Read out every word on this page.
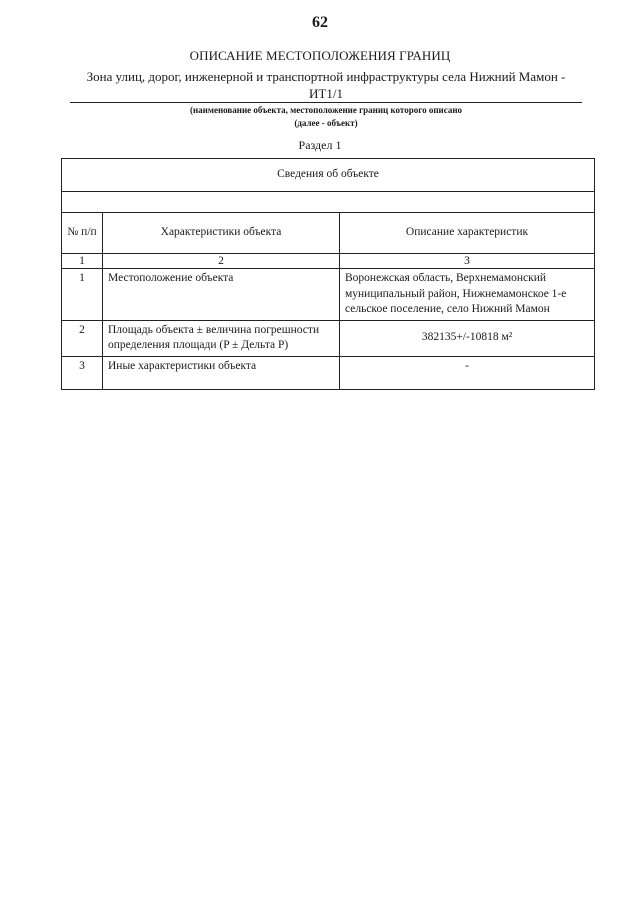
62
ОПИСАНИЕ МЕСТОПОЛОЖЕНИЯ ГРАНИЦ
Зона улиц, дорог, инженерной и транспортной инфраструктуры села Нижний Мамон - ИТ1/1
(наименование объекта, местоположение границ которого описано
(далее - объект)
Раздел 1
Сведения об объекте		

№ п/п	Характеристики объекта	Описание характеристик
1	2	3
1	Местоположение объекта	Воронежская область, Верхнемамонский муниципальный район, Нижнемамонское 1-е сельское поселение, село Нижний Мамон
2	Площадь объекта ± величина погрешности определения площади (P ± Дельта P)	382135+/-10818 м²
3	Иные характеристики объекта	-
